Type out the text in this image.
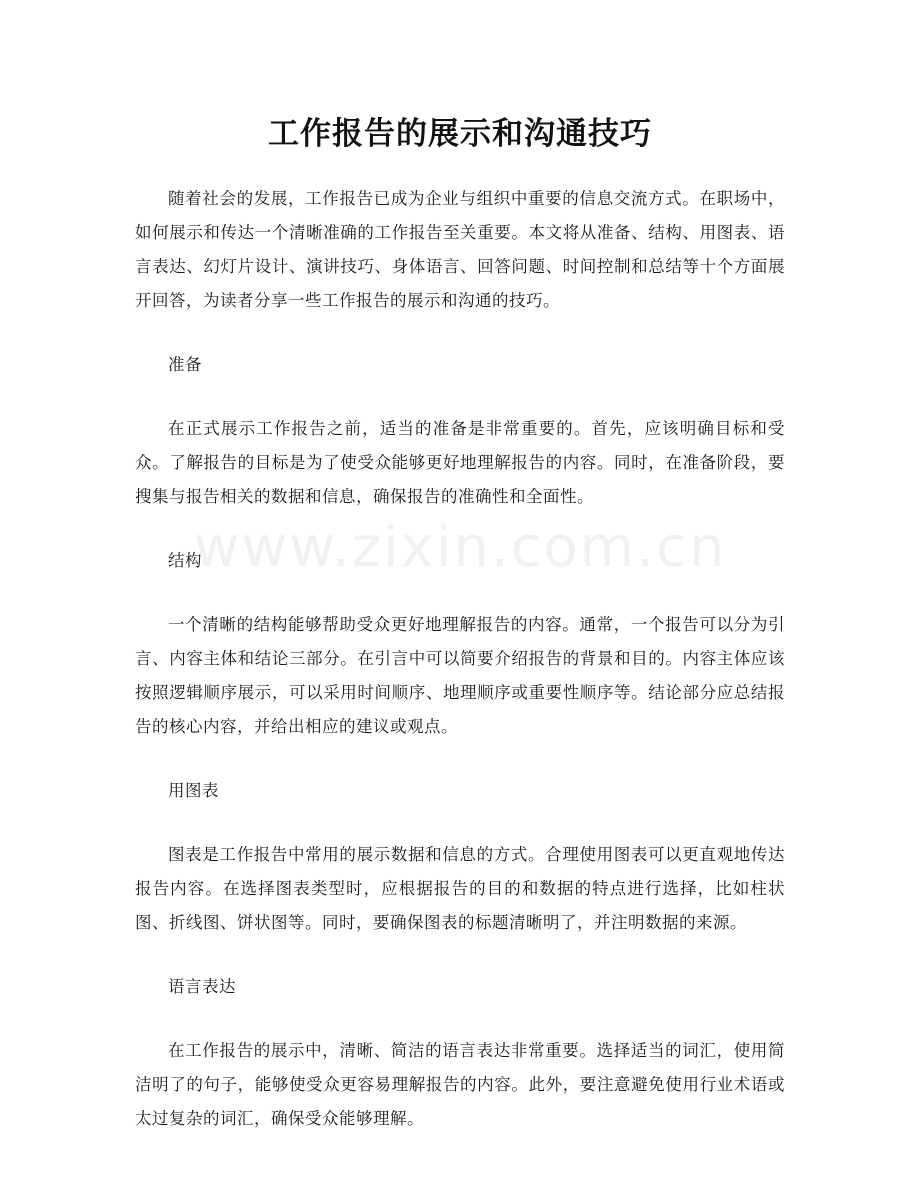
www.zixin.com.cn
工作报告的展示和沟通技巧

随着社会的发展，工作报告已成为企业与组织中重要的信息交流方式。在职场中，如何展示和传达一个清晰准确的工作报告至关重要。本文将从准备、结构、用图表、语言表达、幻灯片设计、演讲技巧、身体语言、回答问题、时间控制和总结等十个方面展开回答，为读者分享一些工作报告的展示和沟通的技巧。

准备

在正式展示工作报告之前，适当的准备是非常重要的。首先，应该明确目标和受众。了解报告的目标是为了使受众能够更好地理解报告的内容。同时，在准备阶段，要搜集与报告相关的数据和信息，确保报告的准确性和全面性。

结构

一个清晰的结构能够帮助受众更好地理解报告的内容。通常，一个报告可以分为引言、内容主体和结论三部分。在引言中可以简要介绍报告的背景和目的。内容主体应该按照逻辑顺序展示，可以采用时间顺序、地理顺序或重要性顺序等。结论部分应总结报告的核心内容，并给出相应的建议或观点。

用图表

图表是工作报告中常用的展示数据和信息的方式。合理使用图表可以更直观地传达报告内容。在选择图表类型时，应根据报告的目的和数据的特点进行选择，比如柱状图、折线图、饼状图等。同时，要确保图表的标题清晰明了，并注明数据的来源。

语言表达

在工作报告的展示中，清晰、简洁的语言表达非常重要。选择适当的词汇，使用简洁明了的句子，能够使受众更容易理解报告的内容。此外，要注意避免使用行业术语或太过复杂的词汇，确保受众能够理解。
